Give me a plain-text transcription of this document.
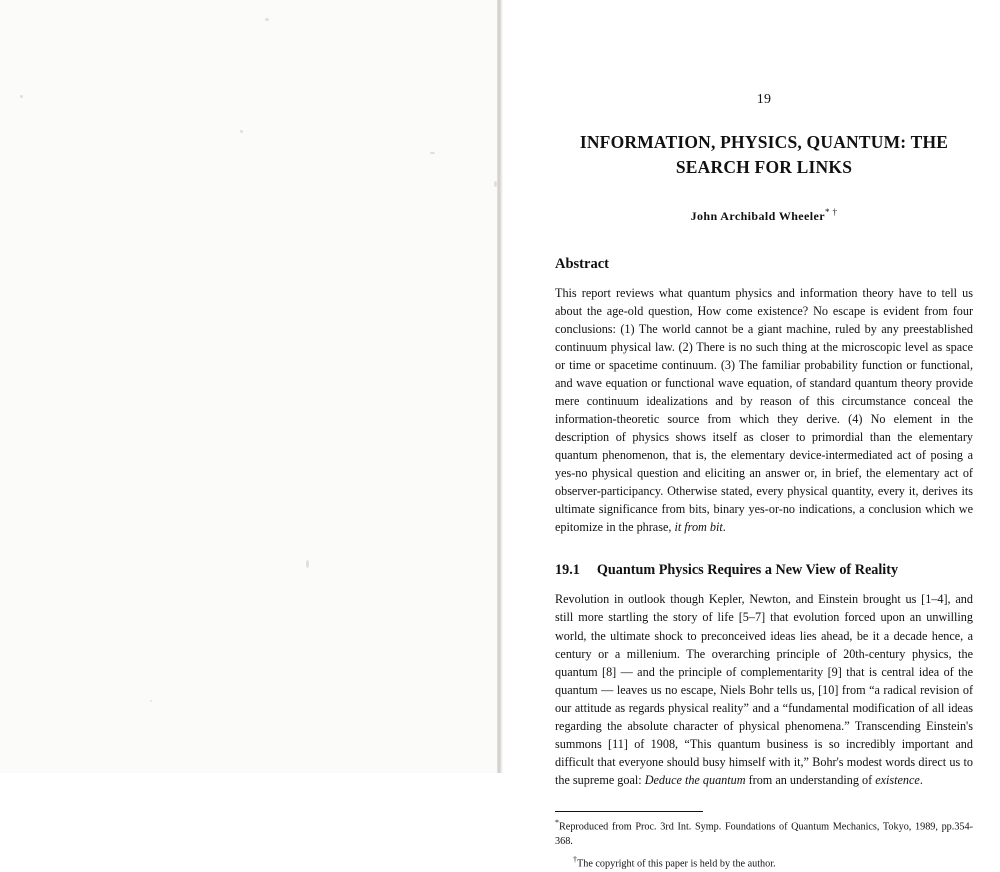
19
INFORMATION, PHYSICS, QUANTUM: THE SEARCH FOR LINKS
John Archibald Wheeler* †
Abstract
This report reviews what quantum physics and information theory have to tell us about the age-old question, How come existence? No escape is evident from four conclusions: (1) The world cannot be a giant machine, ruled by any preestablished continuum physical law. (2) There is no such thing at the microscopic level as space or time or spacetime continuum. (3) The familiar probability function or functional, and wave equation or functional wave equation, of standard quantum theory provide mere continuum idealizations and by reason of this circumstance conceal the information-theoretic source from which they derive. (4) No element in the description of physics shows itself as closer to primordial than the elementary quantum phenomenon, that is, the elementary device-intermediated act of posing a yes-no physical question and eliciting an answer or, in brief, the elementary act of observer-participancy. Otherwise stated, every physical quantity, every it, derives its ultimate significance from bits, binary yes-or-no indications, a conclusion which we epitomize in the phrase, it from bit.
19.1 Quantum Physics Requires a New View of Reality
Revolution in outlook though Kepler, Newton, and Einstein brought us [1–4], and still more startling the story of life [5–7] that evolution forced upon an unwilling world, the ultimate shock to preconceived ideas lies ahead, be it a decade hence, a century or a millenium. The overarching principle of 20th-century physics, the quantum [8] — and the principle of complementarity [9] that is central idea of the quantum — leaves us no escape, Niels Bohr tells us, [10] from “a radical revision of our attitude as regards physical reality” and a “fundamental modification of all ideas regarding the absolute character of physical phenomena.” Transcending Einstein's summons [11] of 1908, “This quantum business is so incredibly important and difficult that everyone should busy himself with it,” Bohr's modest words direct us to the supreme goal: Deduce the quantum from an understanding of existence.
*Reproduced from Proc. 3rd Int. Symp. Foundations of Quantum Mechanics, Tokyo, 1989, pp.354-368.
†The copyright of this paper is held by the author.
